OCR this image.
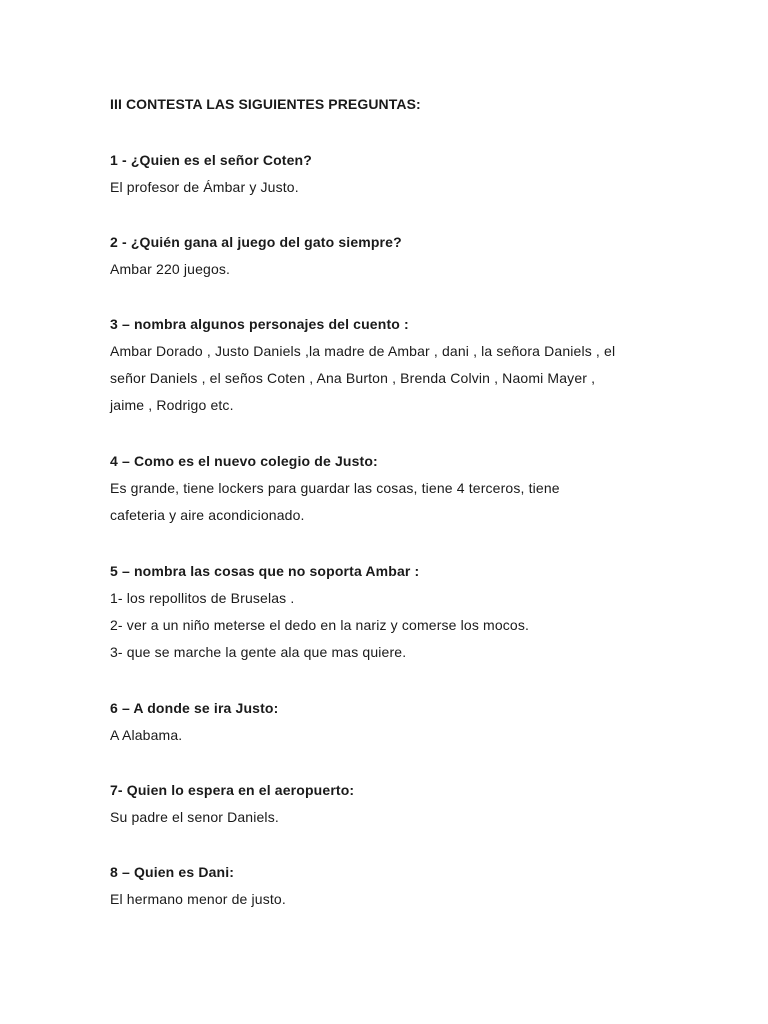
III CONTESTA LAS SIGUIENTES PREGUNTAS:
1 - ¿Quien es el señor Coten?
El profesor de Ámbar y Justo.
2 - ¿Quién gana al juego del gato siempre?
Ambar 220 juegos.
3 – nombra algunos personajes del cuento :
Ambar Dorado , Justo Daniels ,la madre de Ambar , dani , la señora Daniels , el
señor Daniels , el seños Coten , Ana Burton , Brenda Colvin , Naomi Mayer ,
jaime , Rodrigo etc.
4 – Como es el nuevo colegio de Justo:
Es grande, tiene lockers para guardar las cosas, tiene 4 terceros, tiene
cafeteria y aire acondicionado.
5 – nombra las cosas que no soporta Ambar :
1- los repollitos de Bruselas .
2- ver a un niño meterse el dedo en la nariz y comerse los mocos.
3- que se marche la gente ala que mas quiere.
6 – A donde se ira Justo:
A Alabama.
7- Quien lo espera en el aeropuerto:
Su padre el senor Daniels.
8 – Quien es Dani:
El hermano menor de justo.
